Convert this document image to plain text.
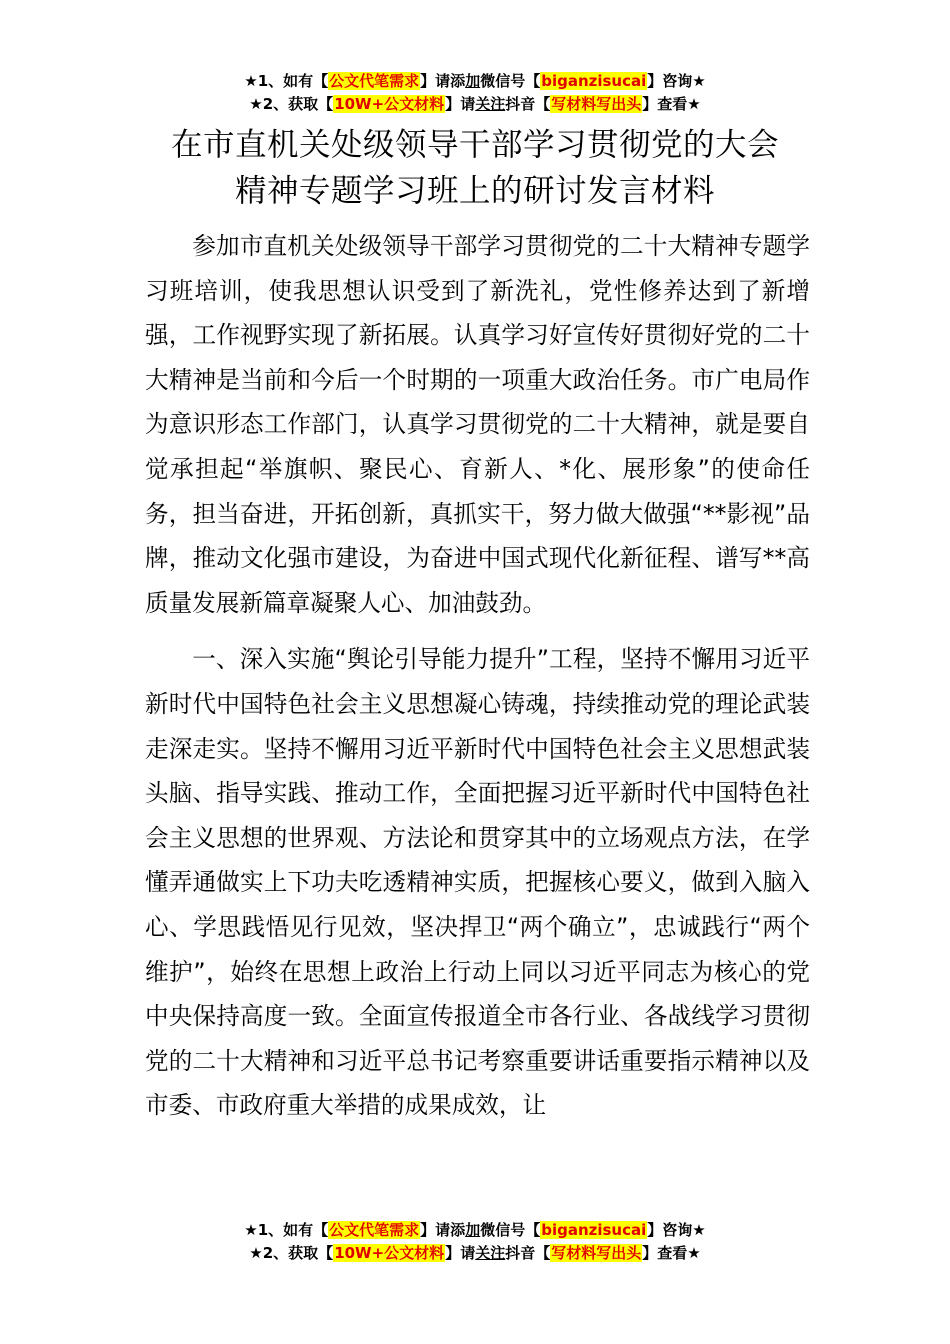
★1、如有【公文代笔需求】请添加微信号【biganzisucai】咨询★
★2、获取【10W+公文材料】请关注抖音【写材料写出头】查看★
在市直机关处级领导干部学习贯彻党的大会
精神专题学习班上的研讨发言材料

参加市直机关处级领导干部学习贯彻党的二十大精神专题学习班培训，使我思想认识受到了新洗礼，党性修养达到了新增强，工作视野实现了新拓展。认真学习好宣传好贯彻好党的二十大精神是当前和今后一个时期的一项重大政治任务。市广电局作为意识形态工作部门，认真学习贯彻党的二十大精神，就是要自觉承担起“举旗帜、聚民心、育新人、*化、展形象”的使命任务，担当奋进，开拓创新，真抓实干，努力做大做强“**影视”品牌，推动文化强市建设，为奋进中国式现代化新征程、谱写**高质量发展新篇章凝聚人心、加油鼓劲。

一、深入实施“舆论引导能力提升”工程，坚持不懈用习近平新时代中国特色社会主义思想凝心铸魂，持续推动党的理论武装走深走实。坚持不懈用习近平新时代中国特色社会主义思想武装头脑、指导实践、推动工作，全面把握习近平新时代中国特色社会主义思想的世界观、方法论和贯穿其中的立场观点方法，在学懂弄通做实上下功夫吃透精神实质，把握核心要义，做到入脑入心、学思践悟见行见效，坚决捍卫“两个确立”，忠诚践行“两个维护”，始终在思想上政治上行动上同以习近平同志为核心的党中央保持高度一致。全面宣传报道全市各行业、各战线学习贯彻党的二十大精神和习近平总书记考察重要讲话重要指示精神以及市委、市政府重大举措的成果成效，让

★1、如有【公文代笔需求】请添加微信号【biganzisucai】咨询★
★2、获取【10W+公文材料】请关注抖音【写材料写出头】查看★
